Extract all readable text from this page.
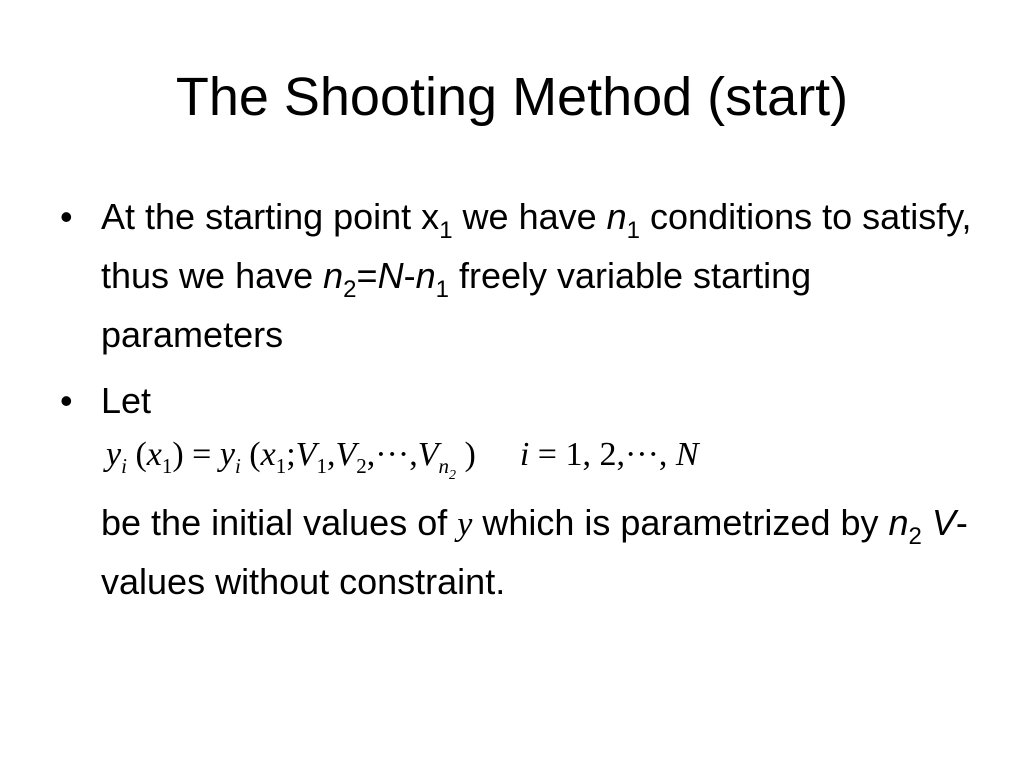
The Shooting Method (start)
• At the starting point $x_1$ we have $n_1$ conditions to satisfy, thus we have $n_2=N-n_1$ freely variable starting parameters
• Let
$y_i$ $(x_1) = y_i$ ($x_1;V_1,V_2,\cdot\cdot\cdot,V_{n_2}$ ) i = 1, 2,···, N
be the initial values of y which is parametrized by $n_2$ V-values without constraint.
